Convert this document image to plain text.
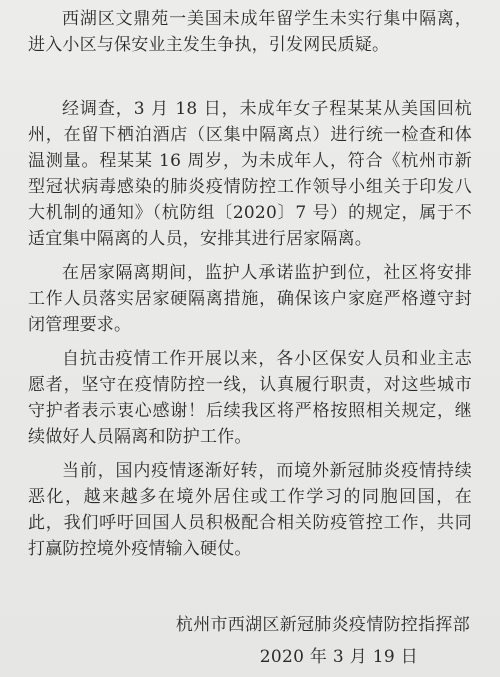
西湖区文鼎苑一美国未成年留学生未实行集中隔离，进入小区与保安业主发生争执，引发网民质疑。

经调查，3 月 18 日，未成年女子程某某从美国回杭州，在留下栖泊酒店（区集中隔离点）进行统一检查和体温测量。程某某 16 周岁，为未成年人，符合《杭州市新型冠状病毒感染的肺炎疫情防控工作领导小组关于印发八大机制的通知》（杭防组〔2020〕7 号）的规定，属于不适宜集中隔离的人员，安排其进行居家隔离。

在居家隔离期间，监护人承诺监护到位，社区将安排工作人员落实居家硬隔离措施，确保该户家庭严格遵守封闭管理要求。

自抗击疫情工作开展以来，各小区保安人员和业主志愿者，坚守在疫情防控一线，认真履行职责，对这些城市守护者表示衷心感谢！后续我区将严格按照相关规定，继续做好人员隔离和防护工作。

当前，国内疫情逐渐好转，而境外新冠肺炎疫情持续恶化，越来越多在境外居住或工作学习的同胞回国，在此，我们呼吁回国人员积极配合相关防疫管控工作，共同打赢防控境外疫情输入硬仗。

杭州市西湖区新冠肺炎疫情防控指挥部
2020 年 3 月 19 日
